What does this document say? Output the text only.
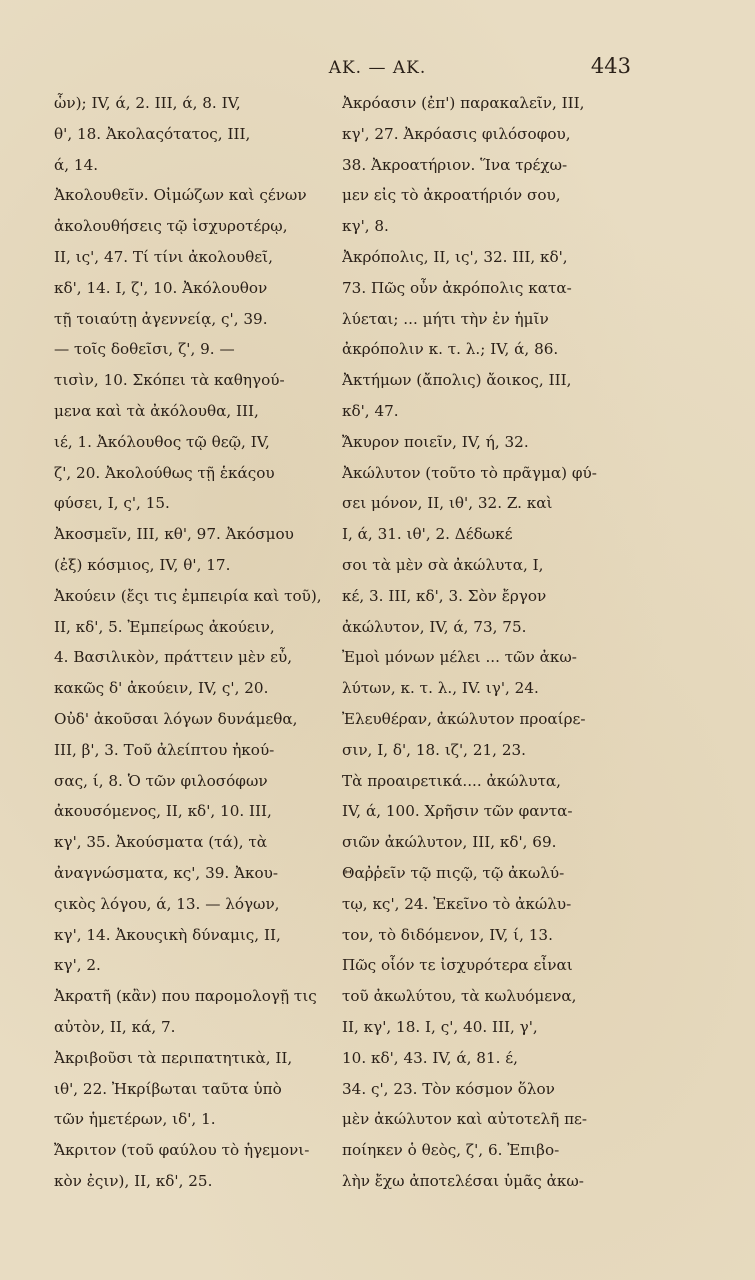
ΑΚ. — ΑΚ.	443
ὧν); IV, ά, 2. III, ά, 8. IV,
θ', 18. Ἀκολαςότατος, III,
ά, 14.
Ἀκολουθεῖν. Οἰμώζων καὶ ςένων
ἀκολουθήσεις τῷ ἰσχυροτέρῳ,
II, ις', 47. Τί τίνι ἀκολουθεῖ,
κδ', 14. I, ζ', 10. Ἀκόλουθον
τῇ τοιαύτῃ ἀγεννείᾳ, ς', 39.
— τοῖς δοθεῖσι, ζ', 9. —
τισὶν, 10. Σκόπει τὰ καθηγού-
μενα καὶ τὰ ἀκόλουθα, III,
ιέ, 1. Ἀκόλουθος τῷ θεῷ, IV,
ζ', 20. Ἀκολούθως τῇ ἑκάςου
φύσει, I, ς', 15.
Ἀκοσμεῖν, III, κθ', 97. Ἀκόσμου
(ἐξ) κόσμιος, IV, θ', 17.
Ἀκούειν (ἔςι τις ἐμπειρία καὶ τοῦ),
II, κδ', 5. Ἐμπείρως ἀκούειν,
4. Βασιλικὸν, πράττειν μὲν εὖ,
κακῶς δ' ἀκούειν, IV, ς', 20.
Οὐδ' ἀκοῦσαι λόγων δυνάμεθα,
III, β', 3. Τοῦ ἀλείπτου ἠκού-
σας, ί, 8. Ὁ τῶν φιλοσόφων
ἀκουσόμενος, II, κδ', 10. III,
κγ', 35. Ἀκούσματα (τά), τὰ
ἀναγνώσματα, κς', 39. Ἀκου-
ςικὸς λόγου, ά, 13. — λόγων,
κγ', 14. Ἀκουςικὴ δύναμις, II,
κγ', 2.
Ἀκρατῆ (κἂν) που παρομολογῇ τις
αὐτὸν, II, κά, 7.
Ἀκριβοῦσι τὰ περιπατητικὰ, II,
ιθ', 22. Ἠκρίβωται ταῦτα ὑπὸ
τῶν ἡμετέρων, ιδ', 1.
Ἄκριτον (τοῦ φαύλου τὸ ἡγεμονι-
κὸν ἐςιν), II, κδ', 25.
Ἀκρόασιν (ἐπ') παρακαλεῖν, III,
κγ', 27. Ἀκρόασις φιλόσοφου,
38. Ἀκροατήριον. Ἵνα τρέχω-
μεν εἰς τὸ ἀκροατήριόν σου,
κγ', 8.
Ἀκρόπολις, II, ις', 32. III, κδ',
73. Πῶς οὖν ἀκρόπολις κατα-
λύεται; ... μήτι τὴν ἐν ἡμῖν
ἀκρόπολιν κ. τ. λ.; IV, ά, 86.
Ἀκτήμων (ἄπολις) ἄοικος, III,
κδ', 47.
Ἄκυρον ποιεῖν, IV, ή, 32.
Ἀκώλυτον (τοῦτο τὸ πρᾶγμα) φύ-
σει μόνον, II, ιθ', 32. Z. καὶ
I, ά, 31. ιθ', 2. Δέδωκέ
σοι τὰ μὲν σὰ ἀκώλυτα, I,
κέ, 3. III, κδ', 3. Σὸν ἔργον
ἀκώλυτον, IV, ά, 73, 75.
Ἐμοὶ μόνων μέλει ... τῶν ἀκω-
λύτων, κ. τ. λ., IV. ιγ', 24.
Ἐλευθέραν, ἀκώλυτον προαίρε-
σιν, I, δ', 18. ιζ', 21, 23.
Τὰ προαιρετικά.... ἀκώλυτα,
IV, ά, 100. Χρῆσιν τῶν φαντα-
σιῶν ἀκώλυτον, III, κδ', 69.
Θαῤῥεῖν τῷ πιςῷ, τῷ ἀκωλύ-
τῳ, κς', 24. Ἐκεῖνο τὸ ἀκώλυ-
τον, τὸ διδόμενον, IV, ί, 13.
Πῶς οἷόν τε ἰσχυρότερα εἶναι
τοῦ ἀκωλύτου, τὰ κωλυόμενα,
II, κγ', 18. I, ς', 40. III, γ',
10. κδ', 43. IV, ά, 81. έ,
34. ς', 23. Τὸν κόσμον ὅλον
μὲν ἀκώλυτον καὶ αὐτοτελῆ πε-
ποίηκεν ὁ θεὸς, ζ', 6. Ἐπιβο-
λὴν ἔχω ἀποτελέσαι ὑμᾶς ἀκω-
